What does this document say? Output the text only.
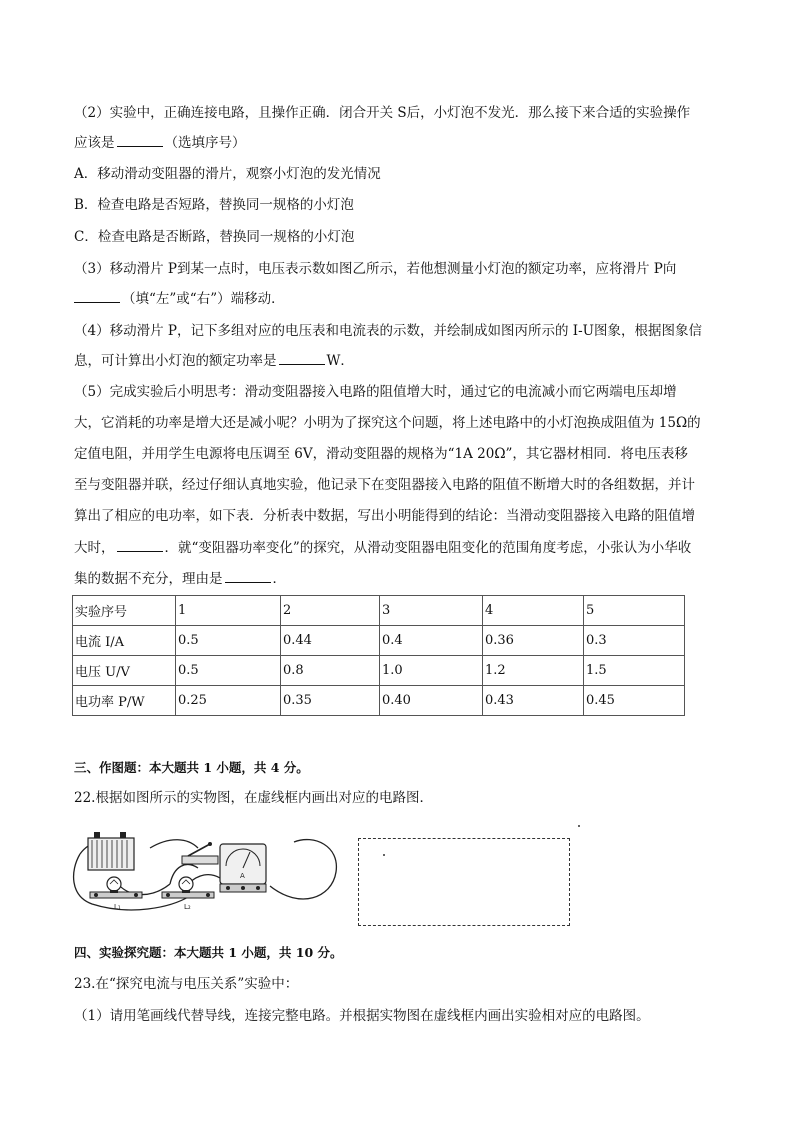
（2）实验中，正确连接电路，且操作正确．闭合开关 S后，小灯泡不发光．那么接下来合适的实验操作
应该是	（选填序号）
A．移动滑动变阻器的滑片，观察小灯泡的发光情况
B．检查电路是否短路，替换同一规格的小灯泡
C．检查电路是否断路，替换同一规格的小灯泡
（3）移动滑片 P到某一点时，电压表示数如图乙所示，若他想测量小灯泡的额定功率，应将滑片 P向
（填“左”或“右”）端移动．
（4）移动滑片 P，记下多组对应的电压表和电流表的示数，并绘制成如图丙所示的 I-U图象，根据图象信
息，可计算出小灯泡的额定功率是	W．
（5）完成实验后小明思考：滑动变阻器接入电路的阻值增大时，通过它的电流减小而它两端电压却增
大，它消耗的功率是增大还是减小呢？小明为了探究这个问题，将上述电路中的小灯泡换成阻值为 15Ω的
定值电阻，并用学生电源将电压调至 6V，滑动变阻器的规格为“1A 20Ω”，其它器材相同．将电压表移
至与变阻器并联，经过仔细认真地实验，他记录下在变阻器接入电路的阻值不断增大时的各组数据，并计
算出了相应的电功率，如下表．分析表中数据，写出小明能得到的结论：当滑动变阻器接入电路的阻值增
大时，	．就“变阻器功率变化”的探究，从滑动变阻器电阻变化的范围角度考虑，小张认为小华收
集的数据不充分，理由是	．
实验序号	1	2	3	4	5
电流 I/A	0.5	0.44	0.4	0.36	0.3
电压 U/V	0.5	0.8	1.0	1.2	1.5
电功率 P/W	0.25	0.35	0.40	0.43	0.45
三、作图题：本大题共 1 小题，共 4 分。
22.根据如图所示的实物图，在虚线框内画出对应的电路图．
A
L₁	L₂
四、实验探究题：本大题共 1 小题，共 10 分。
23.在“探究电流与电压关系”实验中：
（1）请用笔画线代替导线，连接完整电路。并根据实物图在虚线框内画出实验相对应的电路图。
